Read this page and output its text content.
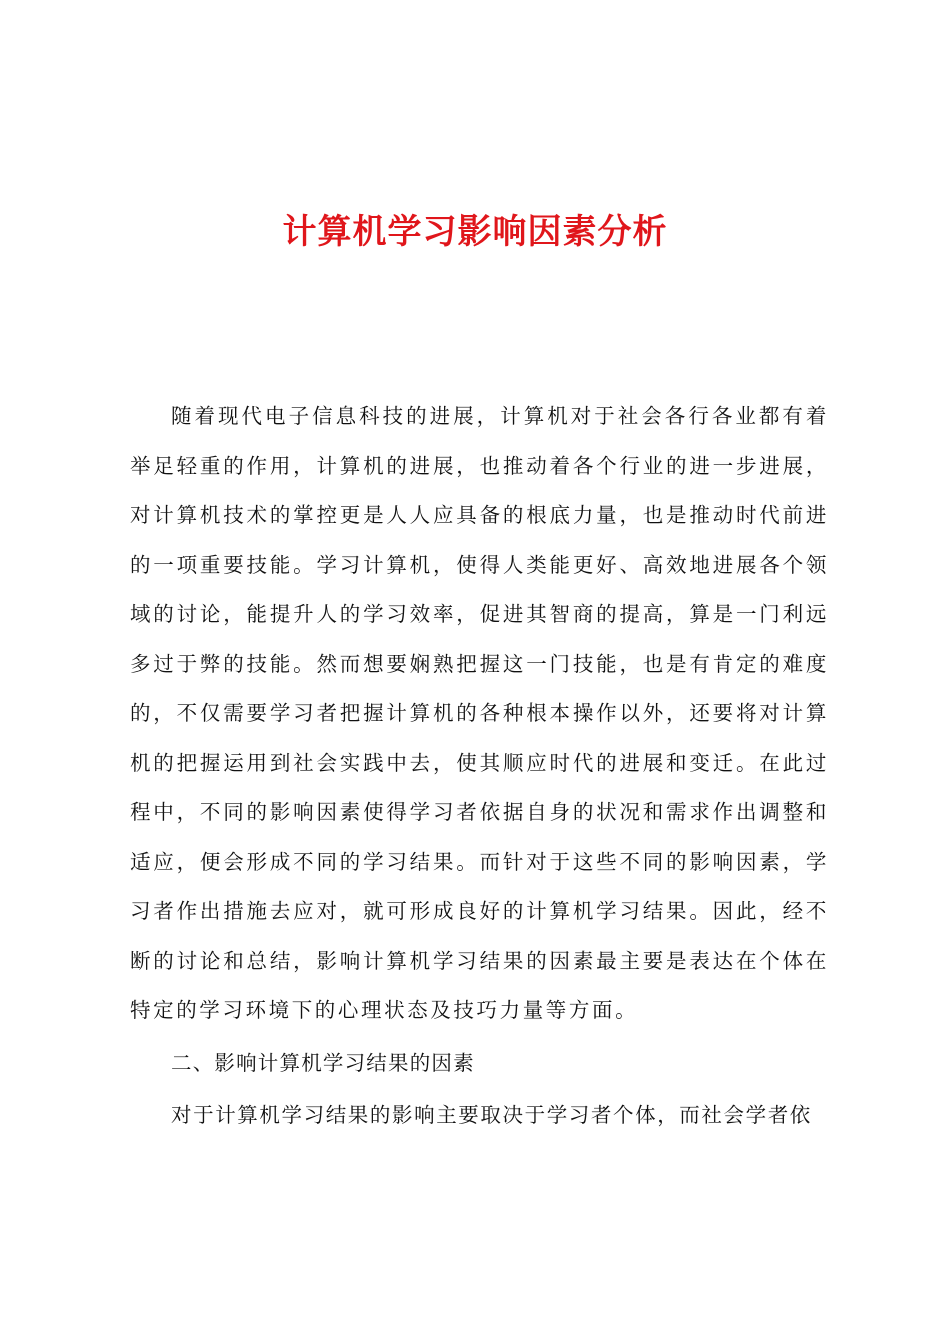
计算机学习影响因素分析

随着现代电子信息科技的进展，计算机对于社会各行各业都有着举足轻重的作用，计算机的进展，也推动着各个行业的进一步进展，对计算机技术的掌控更是人人应具备的根底力量，也是推动时代前进的一项重要技能。学习计算机，使得人类能更好、高效地进展各个领域的讨论，能提升人的学习效率，促进其智商的提高，算是一门利远多过于弊的技能。然而想要娴熟把握这一门技能，也是有肯定的难度的，不仅需要学习者把握计算机的各种根本操作以外，还要将对计算机的把握运用到社会实践中去，使其顺应时代的进展和变迁。在此过程中，不同的影响因素使得学习者依据自身的状况和需求作出调整和适应，便会形成不同的学习结果。而针对于这些不同的影响因素，学习者作出措施去应对，就可形成良好的计算机学习结果。因此，经不断的讨论和总结，影响计算机学习结果的因素最主要是表达在个体在特定的学习环境下的心理状态及技巧力量等方面。

二、影响计算机学习结果的因素

对于计算机学习结果的影响主要取决于学习者个体，而社会学者依
